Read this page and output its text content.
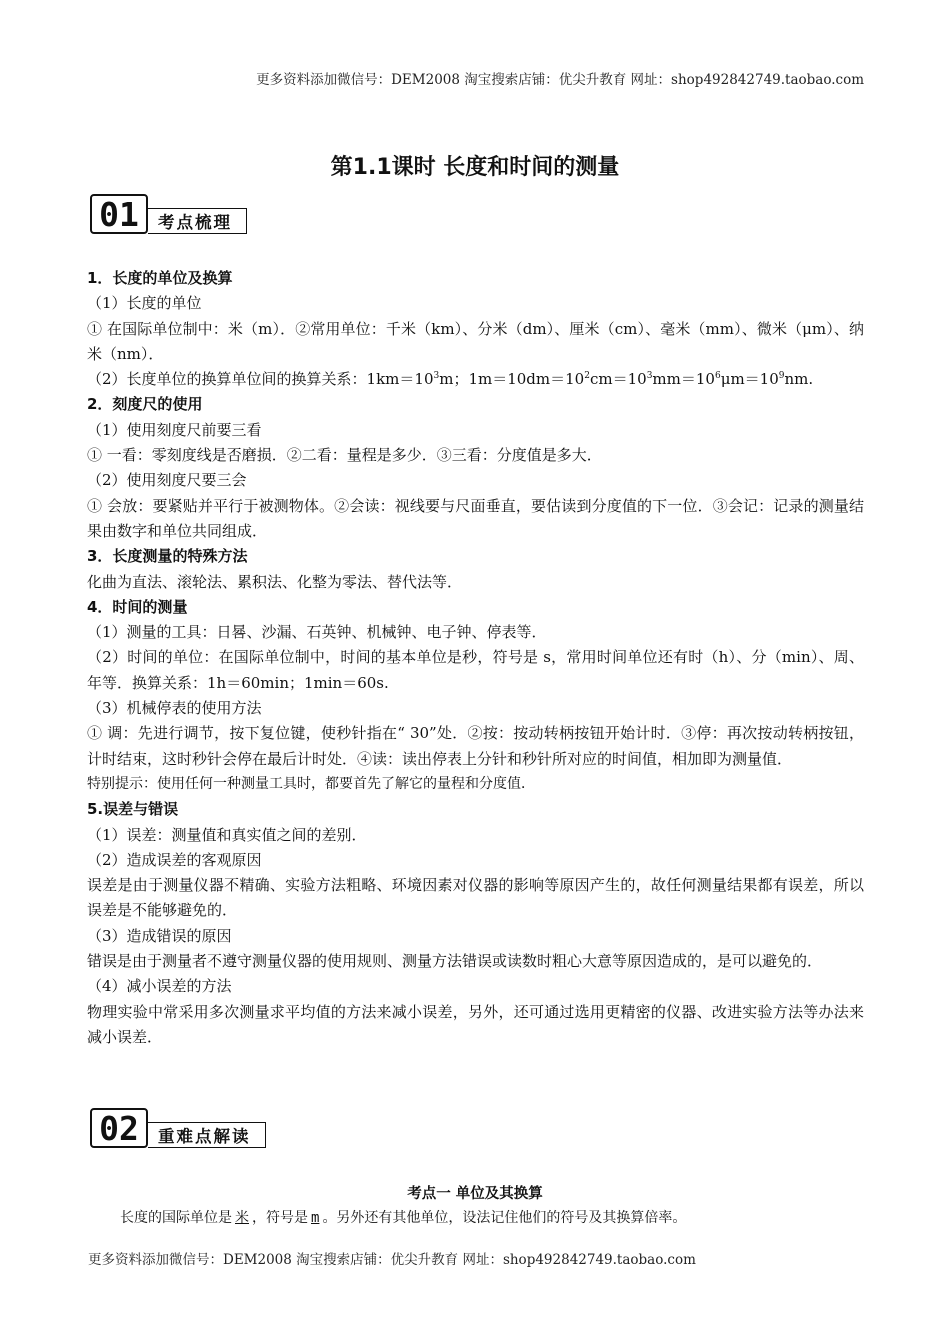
更多资料添加微信号：DEM2008 淘宝搜索店铺：优尖升教育 网址：shop492842749.taobao.com
第1.1课时 长度和时间的测量
01	考点梳理

1．长度的单位及换算

（1）长度的单位

① 在国际单位制中：米（m）．②常用单位：千米（km）、分米（dm）、厘米（cm）、毫米（mm）、微米（μm）、纳米（nm）．

（2）长度单位的换算单位间的换算关系：$1km=10^3m$；$1m=10dm=10^2cm=10^3mm=10^6\mu m=10^9nm$.

2．刻度尺的使用

（1）使用刻度尺前要三看

① 一看：零刻度线是否磨损．②二看：量程是多少．③三看：分度值是多大．

（2）使用刻度尺要三会

① 会放：要紧贴并平行于被测物体。②会读：视线要与尺面垂直，要估读到分度值的下一位．③会记：记录的测量结果由数字和单位共同组成．

3．长度测量的特殊方法

化曲为直法、滚轮法、累积法、化整为零法、替代法等．

4．时间的测量

（1）测量的工具：日晷、沙漏、石英钟、机械钟、电子钟、停表等．

（2）时间的单位：在国际单位制中，时间的基本单位是秒，符号是 s，常用时间单位还有时（h）、分（min）、周、年等．换算关系：1h＝60min；1min＝60s.

（3）机械停表的使用方法

① 调：先进行调节，按下复位键，使秒针指在“ 30”处．②按：按动转柄按钮开始计时．③停：再次按动转柄按钮，计时结束，这时秒针会停在最后计时处．④读：读出停表上分针和秒针所对应的时间值，相加即为测量值．

特别提示：使用任何一种测量工具时，都要首先了解它的量程和分度值．

5.误差与错误

（1）误差：测量值和真实值之间的差别．

（2）造成误差的客观原因

误差是由于测量仪器不精确、实验方法粗略、环境因素对仪器的影响等原因产生的，故任何测量结果都有误差，所以误差是不能够避免的．

（3）造成错误的原因

错误是由于测量者不遵守测量仪器的使用规则、测量方法错误或读数时粗心大意等原因造成的，是可以避免的．

（4）减小误差的方法

物理实验中常采用多次测量求平均值的方法来减小误差，另外，还可通过选用更精密的仪器、改进实验方法等办法来减小误差．

02	重难点解读
考点一 单位及其换算
长度的国际单位是 米 ，符号是 m 。另外还有其他单位，设法记住他们的符号及其换算倍率。
更多资料添加微信号：DEM2008 淘宝搜索店铺：优尖升教育 网址：shop492842749.taobao.com
